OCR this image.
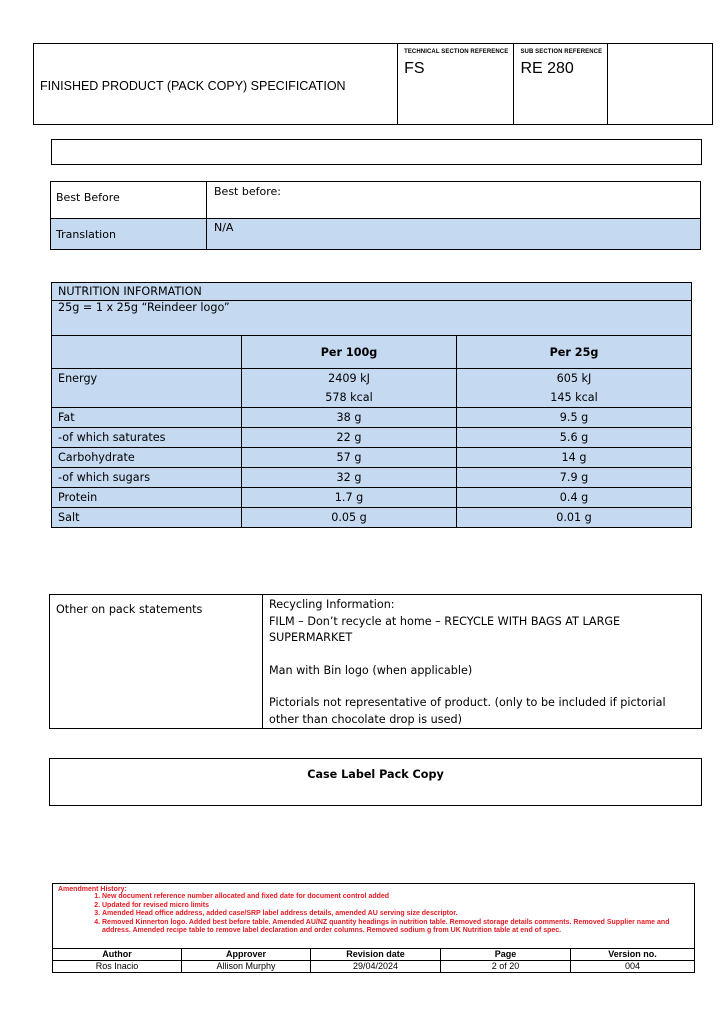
FINISHED PRODUCT (PACK COPY) SPECIFICATION	
TECHNICAL SECTION REFERENCE
FS

SUB SECTION REFERENCE
RE 280

Best Before	Best before:
Translation	N/A
NUTRITION INFORMATION		
25g = 1 x 25g “Reindeer logo”		
	Per 100g	Per 25g
Energy	2409 kJ	605 kJ
	578 kcal	145 kcal
Fat	38 g	9.5 g
-of which saturates	22 g	5.6 g
Carbohydrate	57 g	14 g
-of which sugars	32 g	7.9 g
Protein	1.7 g	0.4 g
Salt	0.05 g	0.01 g
Other on pack statements	Recycling Information:
FILM – Don’t recycle at home – RECYCLE WITH BAGS AT LARGE SUPERMARKET
Man with Bin logo (when applicable)
Pictorials not representative of product. (only to be included if pictorial other than chocolate drop is used)
Case Label Pack Copy
Amendment History:
1. New document reference number allocated and fixed date for document control added
2. Updated for revised micro limits
3. Amended Head office address, added case/SRP label address details, amended AU serving size descriptor.
4. Removed Kinnerton logo. Added best before table. Amended AU/NZ quantity headings in nutrition table. Removed storage details comments. Removed Supplier name and address. Amended recipe table to remove label declaration and order columns. Removed sodium g from UK Nutrition table at end of spec.
Author	Approver	Revision date	Page	Version no.
Ros Inacio	Allison Murphy	29/04/2024	2 of 20	004
